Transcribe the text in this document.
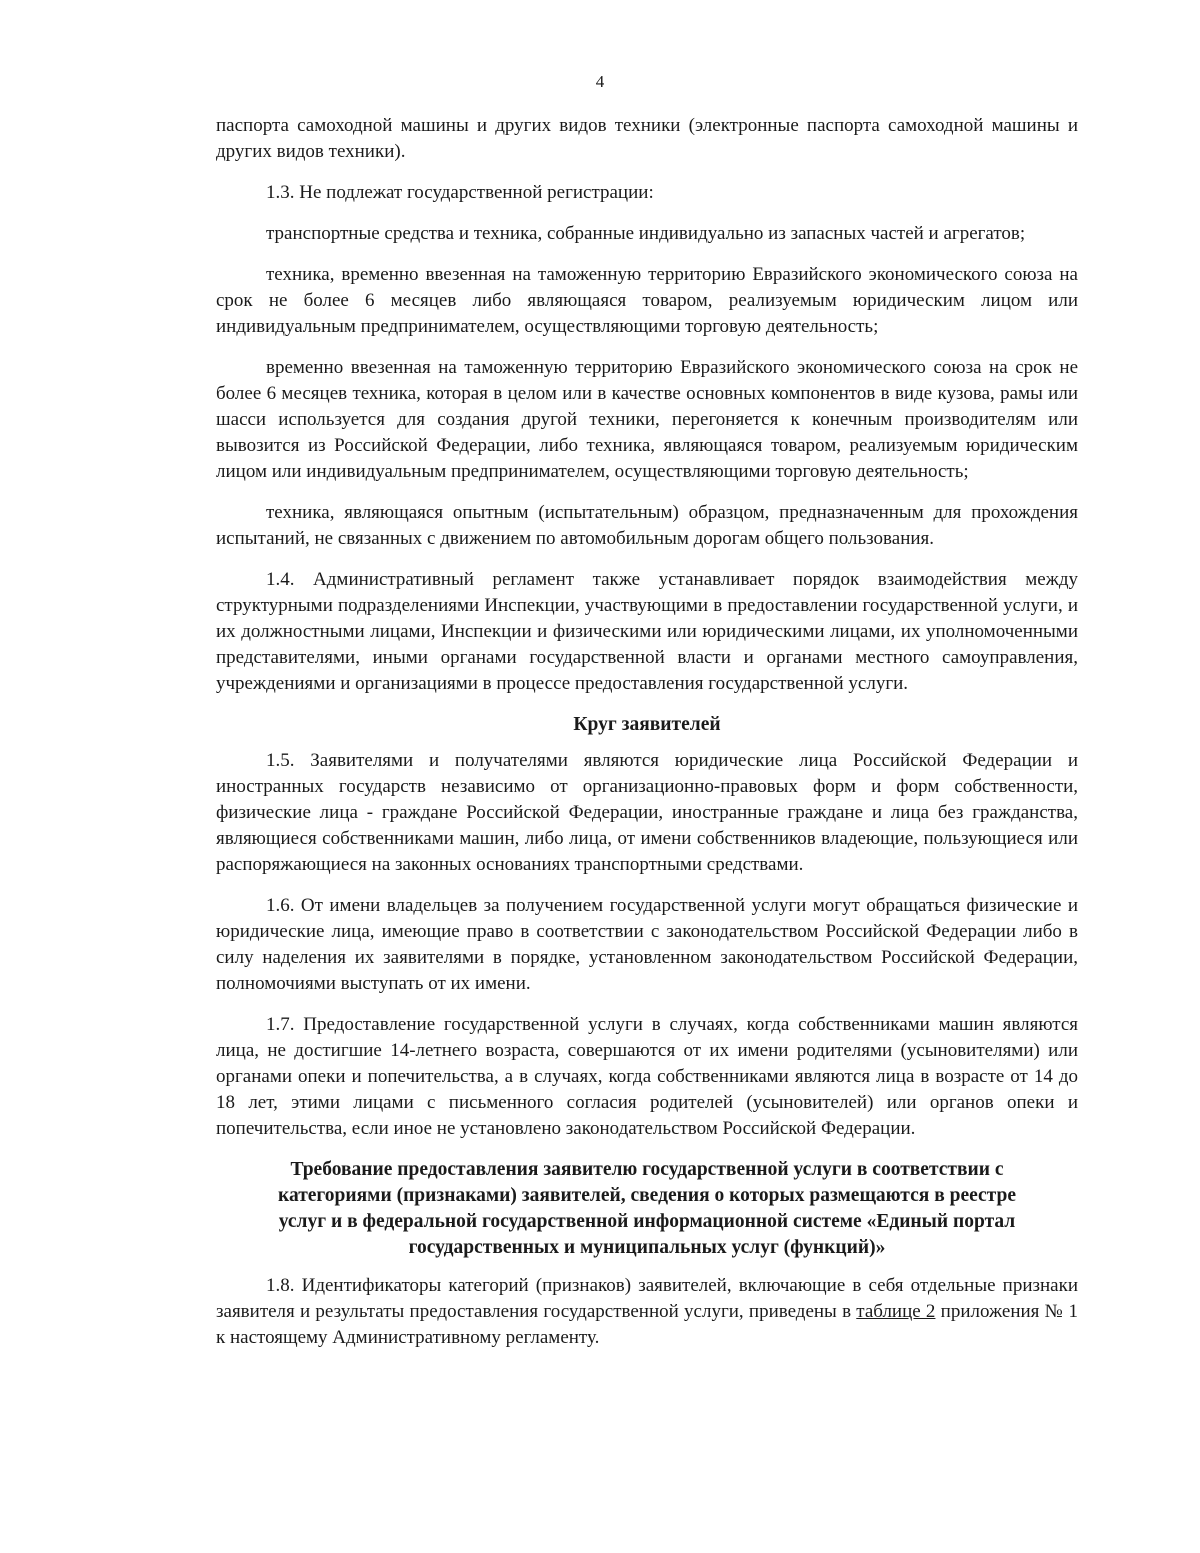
4

паспорта самоходной машины и других видов техники (электронные паспорта самоходной машины и других видов техники).

1.3. Не подлежат государственной регистрации:

транспортные средства и техника, собранные индивидуально из запасных частей и агрегатов;

техника, временно ввезенная на таможенную территорию Евразийского экономического союза на срок не более 6 месяцев либо являющаяся товаром, реализуемым юридическим лицом или индивидуальным предпринимателем, осуществляющими торговую деятельность;

временно ввезенная на таможенную территорию Евразийского экономического союза на срок не более 6 месяцев техника, которая в целом или в качестве основных компонентов в виде кузова, рамы или шасси используется для создания другой техники, перегоняется к конечным производителям или вывозится из Российской Федерации, либо техника, являющаяся товаром, реализуемым юридическим лицом или индивидуальным предпринимателем, осуществляющими торговую деятельность;

техника, являющаяся опытным (испытательным) образцом, предназначенным для прохождения испытаний, не связанных с движением по автомобильным дорогам общего пользования.

1.4. Административный регламент также устанавливает порядок взаимодействия между структурными подразделениями Инспекции, участвующими в предоставлении государственной услуги, и их должностными лицами, Инспекции и физическими или юридическими лицами, их уполномоченными представителями, иными органами государственной власти и органами местного самоуправления, учреждениями и организациями в процессе предоставления государственной услуги.

Круг заявителей

1.5. Заявителями и получателями являются юридические лица Российской Федерации и иностранных государств независимо от организационно-правовых форм и форм собственности, физические лица - граждане Российской Федерации, иностранные граждане и лица без гражданства, являющиеся собственниками машин, либо лица, от имени собственников владеющие, пользующиеся или распоряжающиеся на законных основаниях транспортными средствами.

1.6. От имени владельцев за получением государственной услуги могут обращаться физические и юридические лица, имеющие право в соответствии с законодательством Российской Федерации либо в силу наделения их заявителями в порядке, установленном законодательством Российской Федерации, полномочиями выступать от их имени.

1.7. Предоставление государственной услуги в случаях, когда собственниками машин являются лица, не достигшие 14-летнего возраста, совершаются от их имени родителями (усыновителями) или органами опеки и попечительства, а в случаях, когда собственниками являются лица в возрасте от 14 до 18 лет, этими лицами с письменного согласия родителей (усыновителей) или органов опеки и попечительства, если иное не установлено законодательством Российской Федерации.

Требование предоставления заявителю государственной услуги в соответствии с
категориями (признаками) заявителей, сведения о которых размещаются в реестре
услуг и в федеральной государственной информационной системе «Единый портал
государственных и муниципальных услуг (функций)»

1.8. Идентификаторы категорий (признаков) заявителей, включающие в себя отдельные признаки заявителя и результаты предоставления государственной услуги, приведены в таблице 2 приложения № 1 к настоящему Административному регламенту.
